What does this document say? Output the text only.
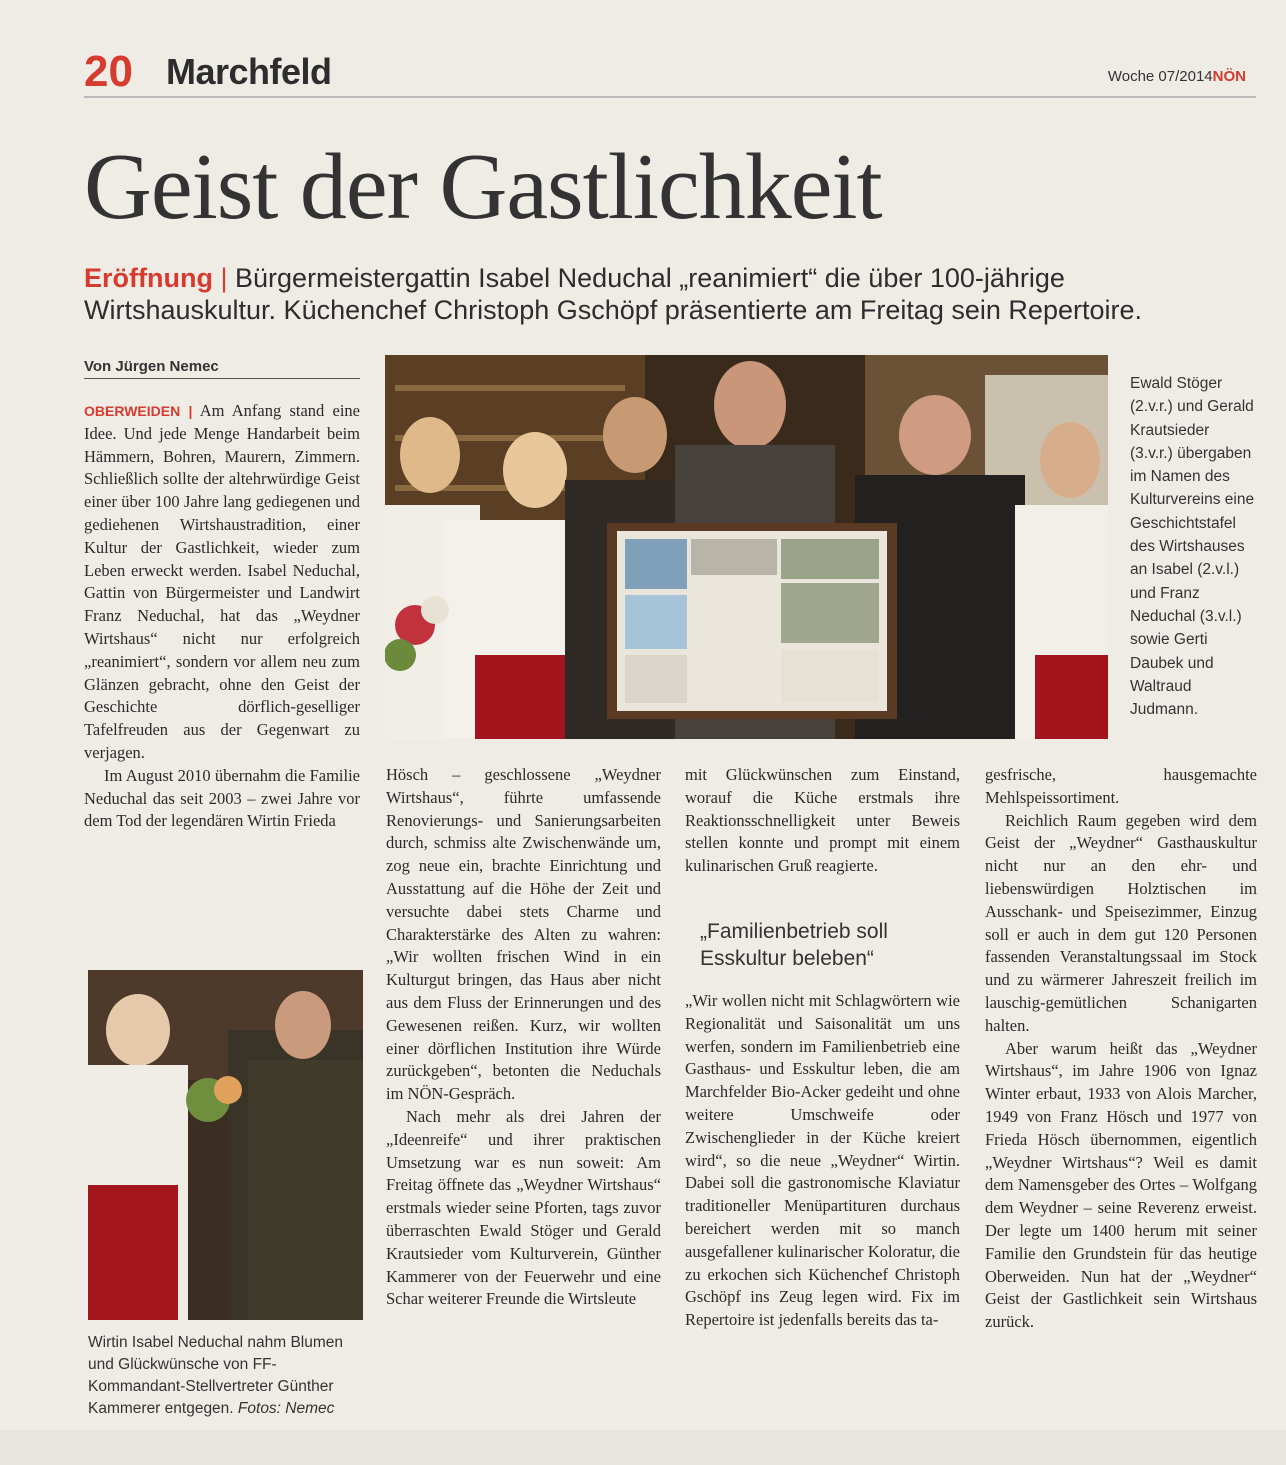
20 Marchfeld	Woche 07/2014NÖN

Geist der Gastlichkeit
Eröffnung | Bürgermeistergattin Isabel Neduchal „reanimiert“ die über 100-jährige Wirtshauskultur. Küchenchef Christoph Gschöpf präsentierte am Freitag sein Repertoire.
Von Jürgen Nemec

OBERWEIDEN | Am Anfang stand eine Idee. Und jede Menge Handarbeit beim Hämmern, Bohren, Maurern, Zimmern. Schließlich sollte der altehrwürdige Geist einer über 100 Jahre lang gediegenen und gediehenen Wirtshaustradition, einer Kultur der Gastlichkeit, wieder zum Leben erweckt werden. Isabel Neduchal, Gattin von Bürgermeister und Landwirt Franz Neduchal, hat das „Weydner Wirtshaus“ nicht nur erfolgreich „reanimiert“, sondern vor allem neu zum Glänzen gebracht, ohne den Geist der Geschichte dörflich-geselliger Tafelfreuden aus der Gegenwart zu verjagen.

Im August 2010 übernahm die Familie Neduchal das seit 2003 – zwei Jahre vor dem Tod der legendären Wirtin Frieda

Ewald Stöger (2.v.r.) und Gerald Krautsieder (3.v.r.) übergaben im Namen des Kulturvereins eine Geschichtstafel des Wirtshauses an Isabel (2.v.l.) und Franz Neduchal (3.v.l.) sowie Gerti Daubek und Waltraud Judmann.
Wirtin Isabel Neduchal nahm Blumen und Glückwünsche von FF-Kommandant-Stellvertreter Günther Kammerer entgegen. Fotos: Nemec

Hösch – geschlossene „Weydner Wirtshaus“, führte umfassende Renovierungs- und Sanierungsarbeiten durch, schmiss alte Zwischenwände um, zog neue ein, brachte Einrichtung und Ausstattung auf die Höhe der Zeit und versuchte dabei stets Charme und Charakterstärke des Alten zu wahren: „Wir wollten frischen Wind in ein Kulturgut bringen, das Haus aber nicht aus dem Fluss der Erinnerungen und des Gewesenen reißen. Kurz, wir wollten einer dörflichen Institution ihre Würde zurückgeben“, betonten die Neduchals im NÖN-Gespräch.

Nach mehr als drei Jahren der „Ideenreife“ und ihrer praktischen Umsetzung war es nun soweit: Am Freitag öffnete das „Weydner Wirtshaus“ erstmals wieder seine Pforten, tags zuvor überraschten Ewald Stöger und Gerald Krautsieder vom Kulturverein, Günther Kammerer von der Feuerwehr und eine Schar weiterer Freunde die Wirtsleute

mit Glückwünschen zum Einstand, worauf die Küche erstmals ihre Reaktionsschnelligkeit unter Beweis stellen konnte und prompt mit einem kulinarischen Gruß reagierte.

„Familienbetrieb soll Esskultur beleben“

„Wir wollen nicht mit Schlagwörtern wie Regionalität und Saisonalität um uns werfen, sondern im Familienbetrieb eine Gasthaus- und Esskultur leben, die am Marchfelder Bio-Acker gedeiht und ohne weitere Umschweife oder Zwischenglieder in der Küche kreiert wird“, so die neue „Weydner“ Wirtin. Dabei soll die gastronomische Klaviatur traditioneller Menüpartituren durchaus bereichert werden mit so manch ausgefallener kulinarischer Koloratur, die zu erkochen sich Küchenchef Christoph Gschöpf ins Zeug legen wird. Fix im Repertoire ist jedenfalls bereits das ta-

gesfrische, hausgemachte Mehlspeissortiment.

Reichlich Raum gegeben wird dem Geist der „Weydner“ Gasthauskultur nicht nur an den ehr- und liebenswürdigen Holztischen im Ausschank- und Speisezimmer, Einzug soll er auch in dem gut 120 Personen fassenden Veranstaltungssaal im Stock und zu wärmerer Jahreszeit freilich im lauschig-gemütlichen Schanigarten halten.

Aber warum heißt das „Weydner Wirtshaus“, im Jahre 1906 von Ignaz Winter erbaut, 1933 von Alois Marcher, 1949 von Franz Hösch und 1977 von Frieda Hösch übernommen, eigentlich „Weydner Wirtshaus“? Weil es damit dem Namensgeber des Ortes – Wolfgang dem Weydner – seine Reverenz erweist. Der legte um 1400 herum mit seiner Familie den Grundstein für das heutige Oberweiden. Nun hat der „Weydner“ Geist der Gastlichkeit sein Wirtshaus zurück.
